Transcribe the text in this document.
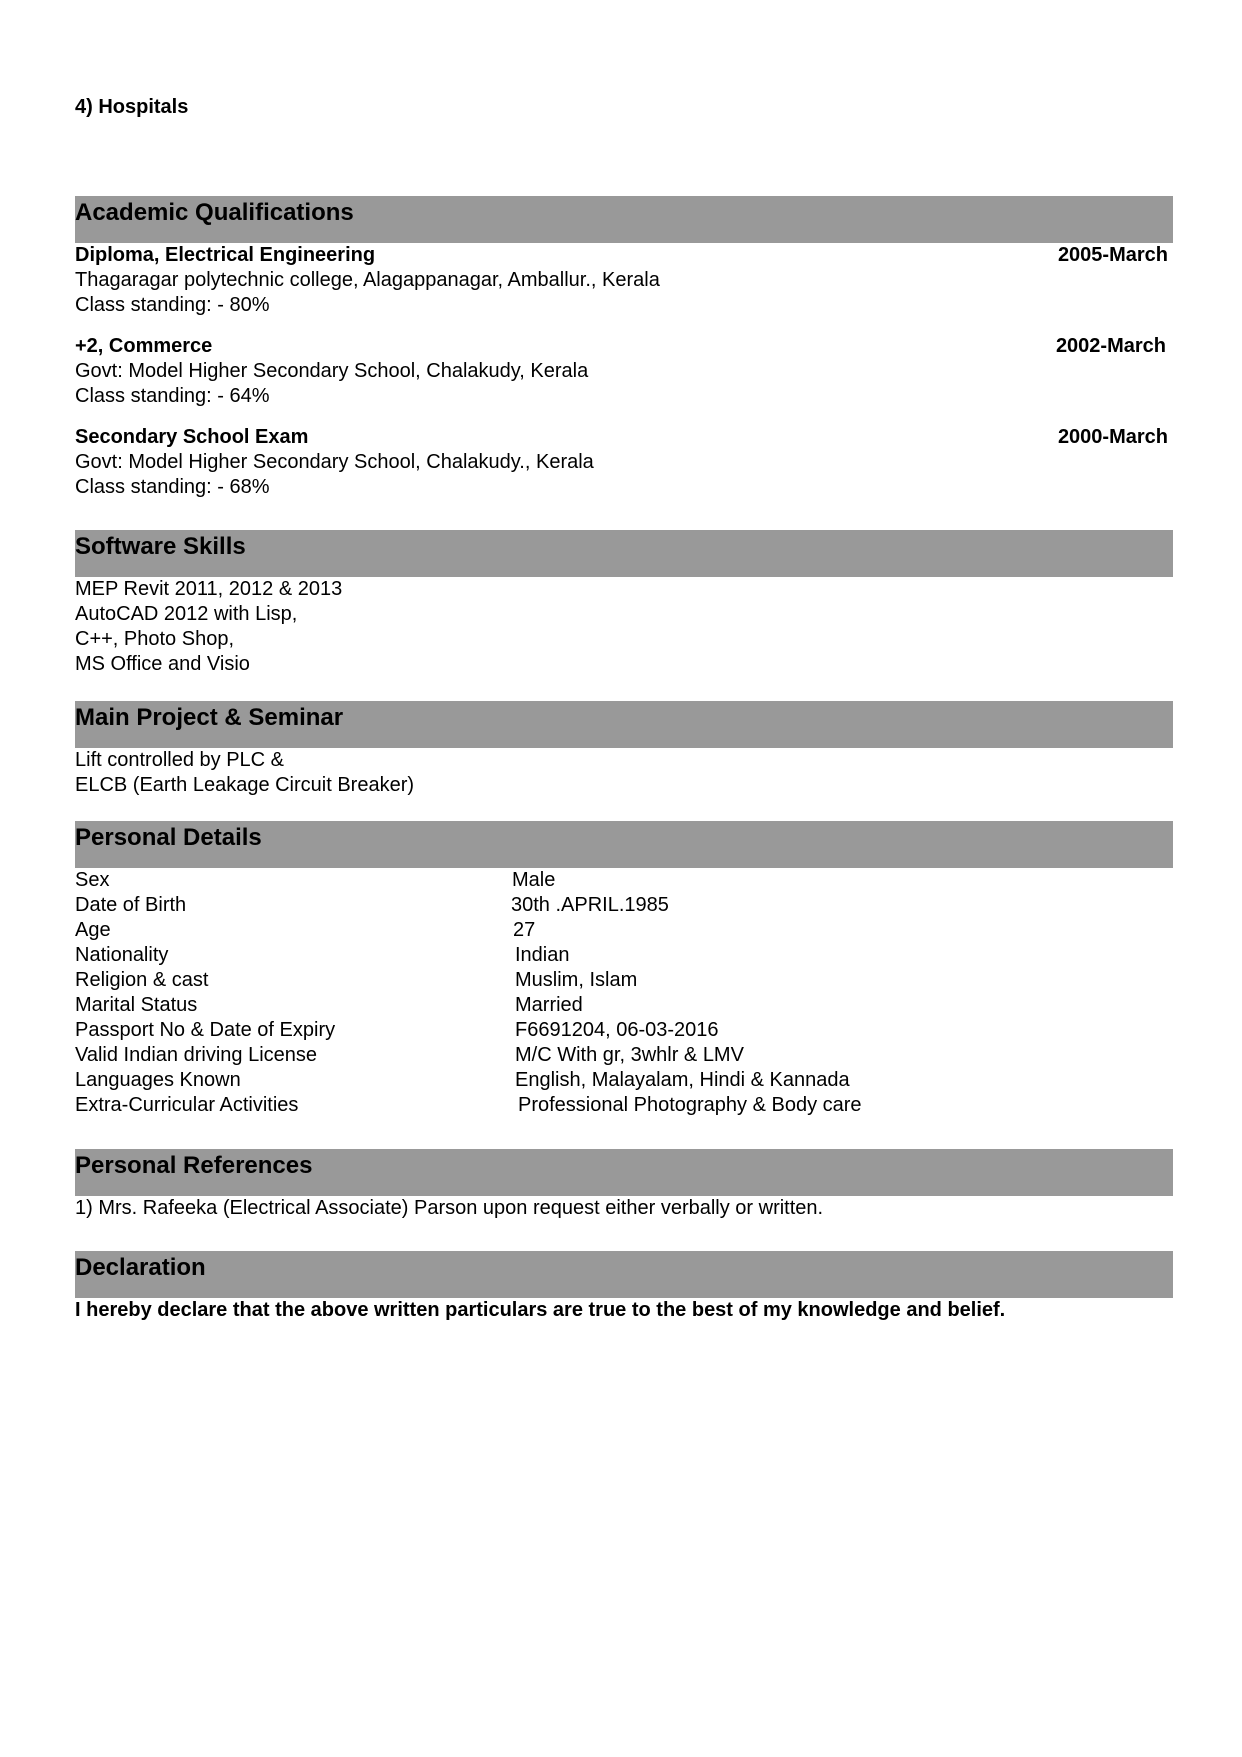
4) Hospitals
Academic Qualifications
Diploma, Electrical Engineering	2005-March
Thagaragar polytechnic college, Alagappanagar, Amballur., Kerala
Class standing: - 80%
+2, Commerce	2002-March
Govt: Model Higher Secondary School, Chalakudy, Kerala
Class standing: - 64%
Secondary School Exam	2000-March
Govt: Model Higher Secondary School, Chalakudy., Kerala
Class standing: - 68%
Software Skills
MEP Revit 2011, 2012 & 2013
AutoCAD 2012 with Lisp,
C++, Photo Shop,
MS Office and Visio
Main Project & Seminar
Lift controlled by PLC &
ELCB (Earth Leakage Circuit Breaker)
Personal Details
Sex	Male
Date of Birth	30th .APRIL.1985
Age	27
Nationality	Indian
Religion & cast	Muslim, Islam
Marital Status	Married
Passport No & Date of Expiry	F6691204, 06-03-2016
Valid Indian driving License	M/C With gr, 3whlr & LMV
Languages Known	English, Malayalam, Hindi & Kannada
Extra-Curricular Activities	Professional Photography & Body care
Personal References
1) Mrs. Rafeeka (Electrical Associate) Parson upon request either verbally or written.
Declaration
I hereby declare that the above written particulars are true to the best of my knowledge and belief.
